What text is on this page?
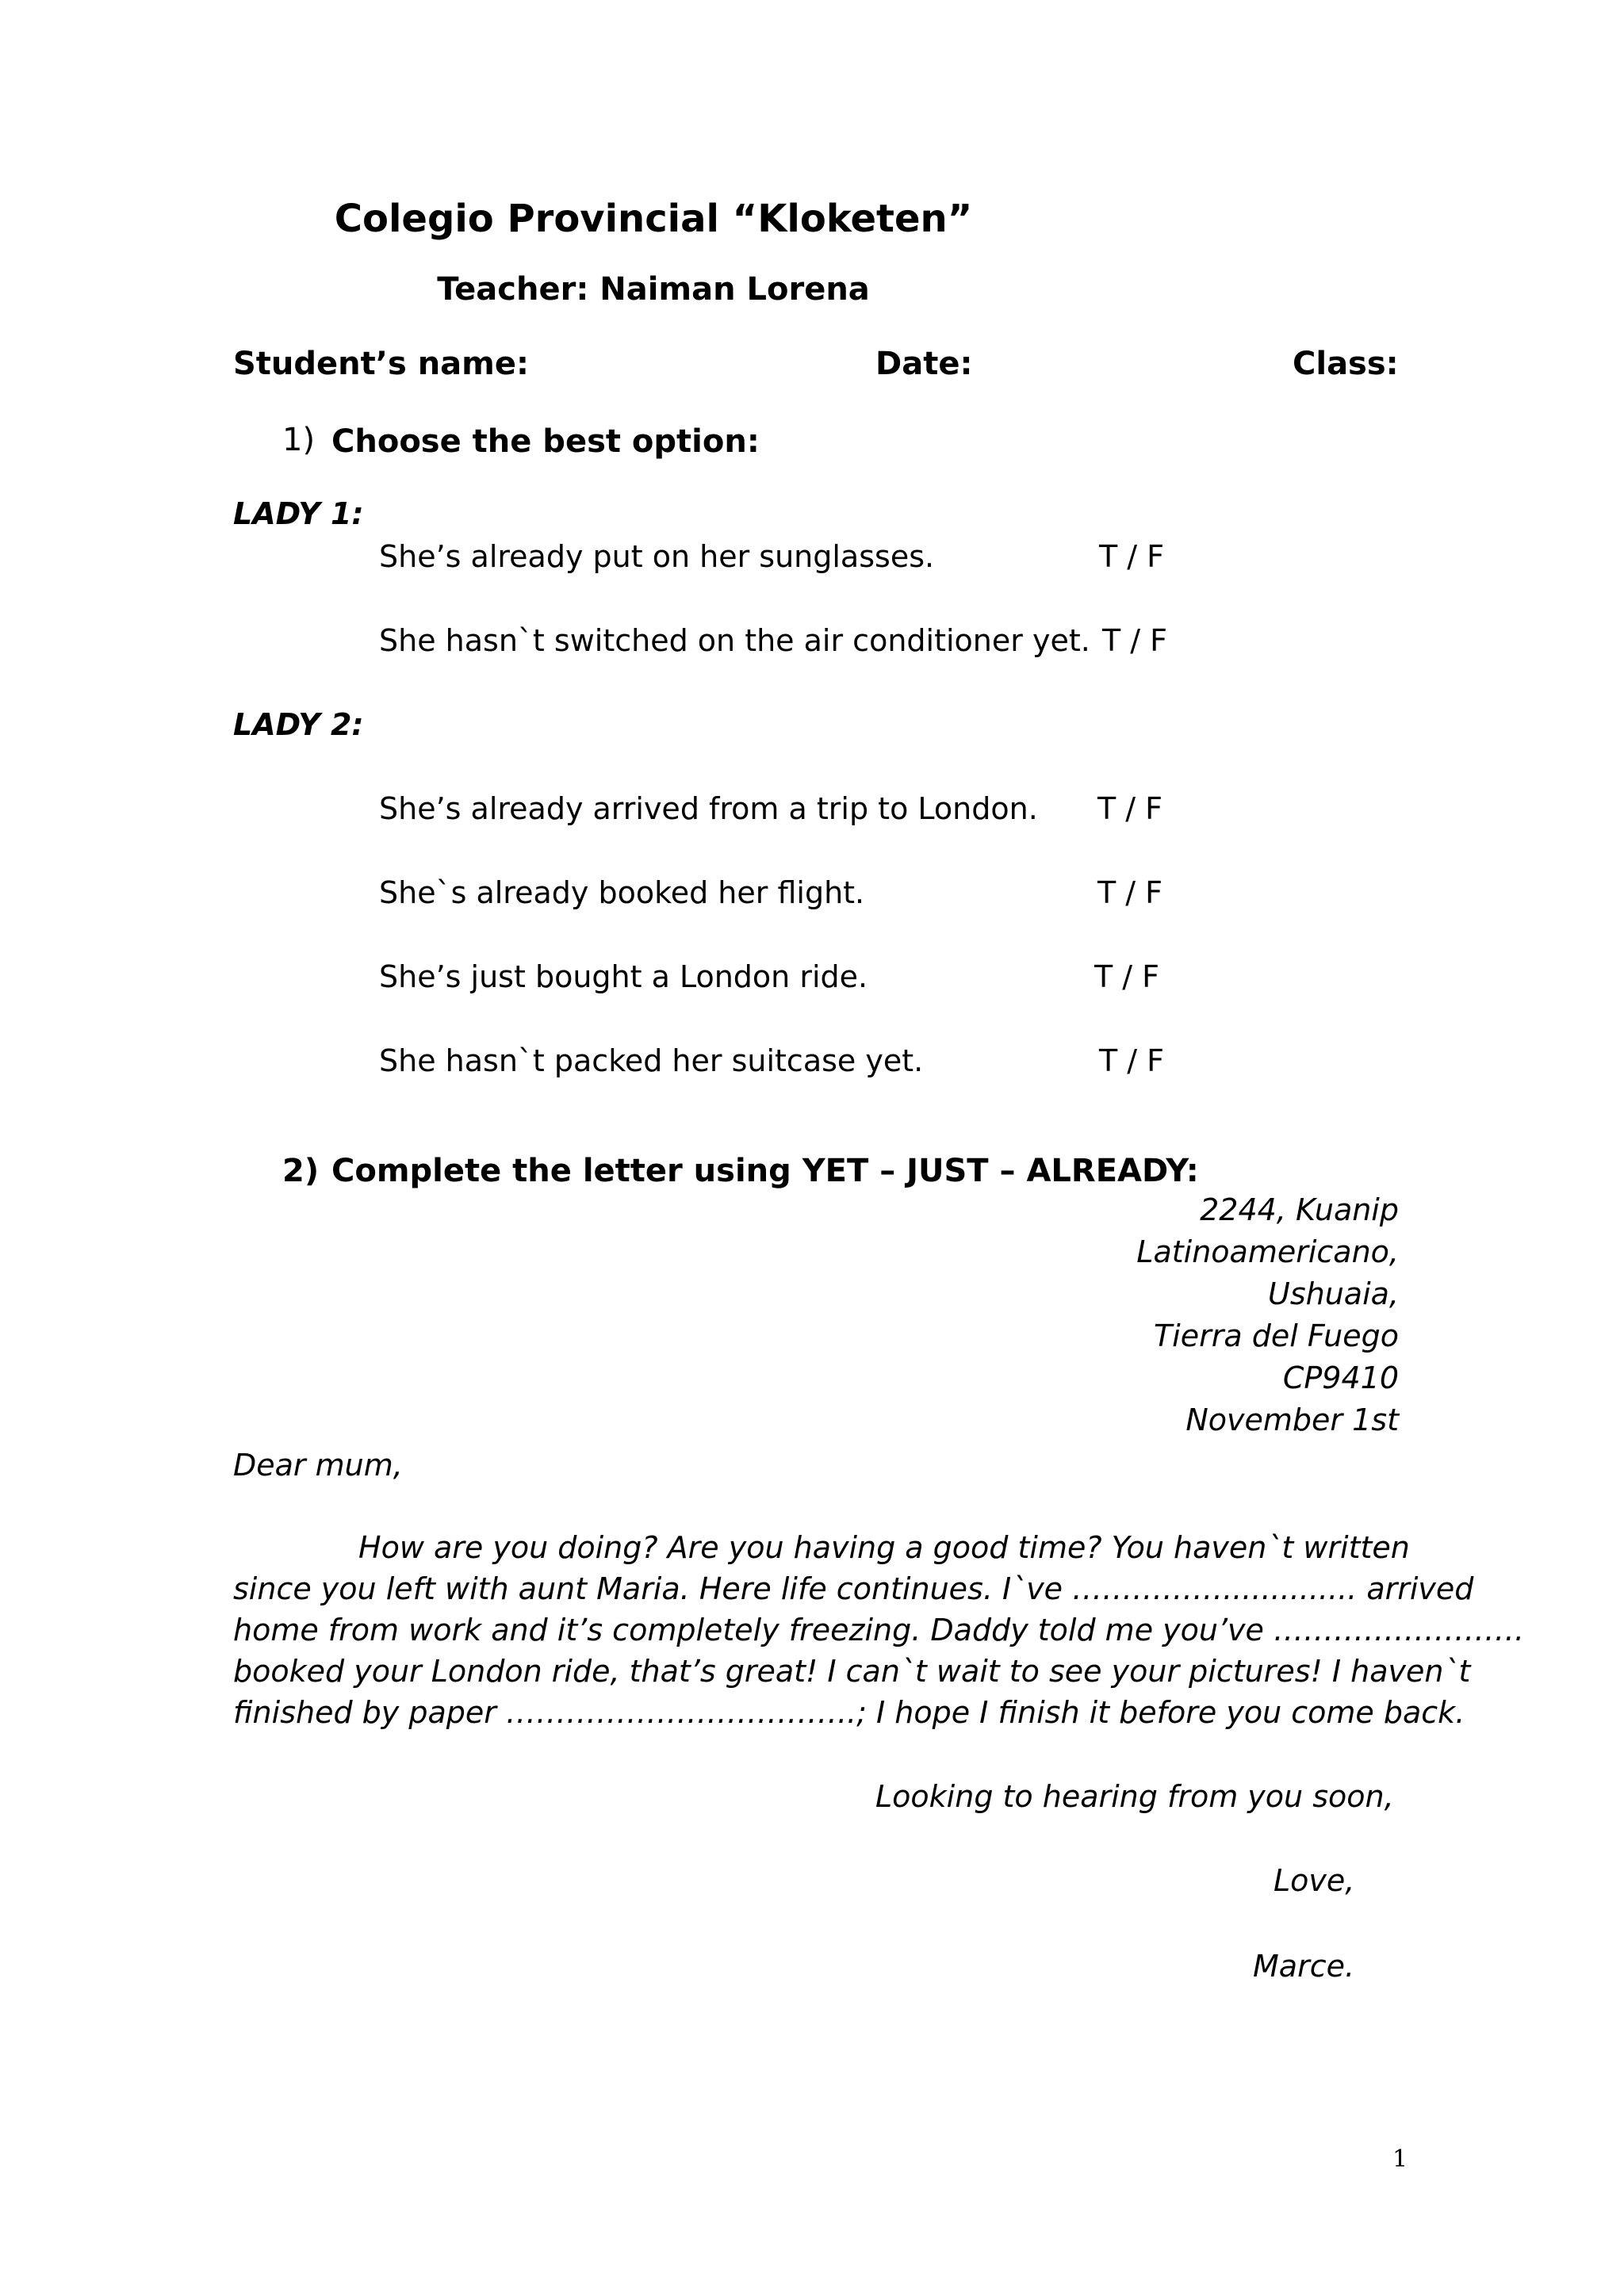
Colegio Provincial “Kloketen”
Teacher: Naiman Lorena
Student’s name:	Date:	Class:
1) Choose the best option:
LADY 1:
She’s already put on her sunglasses.	T / F
She hasn`t switched on the air conditioner yet. T / F
LADY 2:
She’s already arrived from a trip to London. T / F
She`s already booked her flight.	T / F
She’s just bought a London ride.	T / F
She hasn`t packed her suitcase yet.	T / F
2) Complete the letter using YET – JUST – ALREADY:
2244, Kuanip
Latinoamericano,
Ushuaia,
Tierra del Fuego
CP9410
November 1st
Dear mum,
How are you doing? Are you having a good time? You haven`t written
since you left with aunt Maria. Here life continues. I`ve …………….............. arrived
home from work and it’s completely freezing. Daddy told me you’ve …………………….
booked your London ride, that’s great! I can`t wait to see your pictures! I haven`t
finished by paper ……………………………..; I hope I finish it before you come back.
Looking to hearing from you soon,
Love,
Marce.
1
